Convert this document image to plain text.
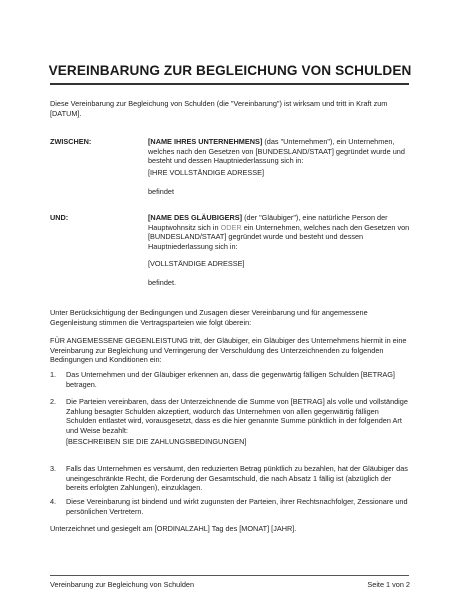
VEREINBARUNG ZUR BEGLEICHUNG VON SCHULDEN
Diese Vereinbarung zur Begleichung von Schulden (die "Vereinbarung") ist wirksam und tritt in Kraft zum [DATUM].
ZWISCHEN:	[NAME IHRES UNTERNEHMENS] (das "Unternehmen"), ein Unternehmen, welches nach den Gesetzen von [BUNDESLAND/STAAT] gegründet wurde und besteht und dessen Hauptniederlassung sich in:
[IHRE VOLLSTÄNDIGE ADRESSE]
befindet
UND:	[NAME DES GLÄUBIGERS] (der "Gläubiger"), eine natürliche Person der Hauptwohnsitz sich in ODER ein Unternehmen, welches nach den Gesetzen von [BUNDESLAND/STAAT] gegründet wurde und besteht und dessen Hauptniederlassung sich in:
[VOLLSTÄNDIGE ADRESSE]
befindet.
Unter Berücksichtigung der Bedingungen und Zusagen dieser Vereinbarung und für angemessene Gegenleistung stimmen die Vertragsparteien wie folgt überein:
FÜR ANGEMESSENE GEGENLEISTUNG tritt, der Gläubiger, ein Gläubiger des Unternehmens hiermit in eine Vereinbarung zur Begleichung und Verringerung der Verschuldung des Unterzeichnenden zu folgenden Bedingungen und Konditionen ein:
1. Das Unternehmen und der Gläubiger erkennen an, dass die gegenwärtig fälligen Schulden [BETRAG] betragen.
2. Die Parteien vereinbaren, dass der Unterzeichnende die Summe von [BETRAG] als volle und vollständige Zahlung besagter Schulden akzeptiert, wodurch das Unternehmen von allen gegenwärtig fälligen Schulden entlastet wird, vorausgesetzt, dass es die hier genannte Summe pünktlich in der folgenden Art und Weise bezahlt:
[BESCHREIBEN SIE DIE ZAHLUNGSBEDINGUNGEN]
3. Falls das Unternehmen es versäumt, den reduzierten Betrag pünktlich zu bezahlen, hat der Gläubiger das uneingeschränkte Recht, die Forderung der Gesamtschuld, die nach Absatz 1 fällig ist (abzüglich der bereits erfolgten Zahlungen), einzuklagen.
4. Diese Vereinbarung ist bindend und wirkt zugunsten der Parteien, ihrer Rechtsnachfolger, Zessionare und persönlichen Vertretern.
Unterzeichnet und gesiegelt am [ORDINALZAHL] Tag des [MONAT] [JAHR].
Vereinbarung zur Begleichung von Schulden	Seite 1 von 2
